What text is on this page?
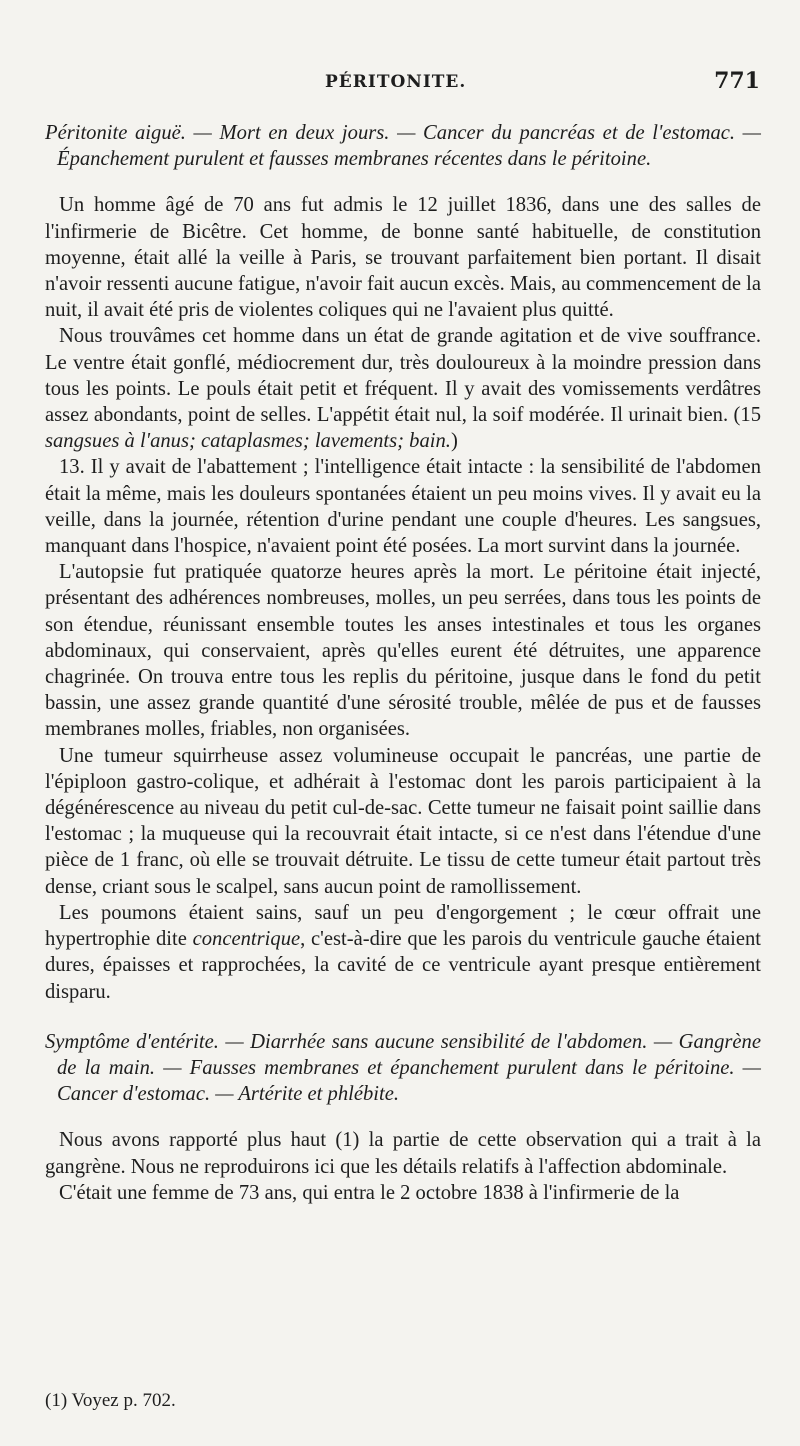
PÉRITONITE.	771

Péritonite aiguë. — Mort en deux jours. — Cancer du pancréas et de l'estomac. — Épanchement purulent et fausses membranes récentes dans le péritoine.

Un homme âgé de 70 ans fut admis le 12 juillet 1836, dans une des salles de l'infirmerie de Bicêtre. Cet homme, de bonne santé habituelle, de constitution moyenne, était allé la veille à Paris, se trouvant parfaitement bien portant. Il disait n'avoir ressenti aucune fatigue, n'avoir fait aucun excès. Mais, au commencement de la nuit, il avait été pris de violentes coliques qui ne l'avaient plus quitté.

Nous trouvâmes cet homme dans un état de grande agitation et de vive souffrance. Le ventre était gonflé, médiocrement dur, très douloureux à la moindre pression dans tous les points. Le pouls était petit et fréquent. Il y avait des vomissements verdâtres assez abondants, point de selles. L'appétit était nul, la soif modérée. Il urinait bien. (15 sangsues à l'anus; cataplasmes; lavements; bain.)

13. Il y avait de l'abattement ; l'intelligence était intacte : la sensibilité de l'abdomen était la même, mais les douleurs spontanées étaient un peu moins vives. Il y avait eu la veille, dans la journée, rétention d'urine pendant une couple d'heures. Les sangsues, manquant dans l'hospice, n'avaient point été posées. La mort survint dans la journée.

L'autopsie fut pratiquée quatorze heures après la mort. Le péritoine était injecté, présentant des adhérences nombreuses, molles, un peu serrées, dans tous les points de son étendue, réunissant ensemble toutes les anses intestinales et tous les organes abdominaux, qui conservaient, après qu'elles eurent été détruites, une apparence chagrinée. On trouva entre tous les replis du péritoine, jusque dans le fond du petit bassin, une assez grande quantité d'une sérosité trouble, mêlée de pus et de fausses membranes molles, friables, non organisées.

Une tumeur squirrheuse assez volumineuse occupait le pancréas, une partie de l'épiploon gastro-colique, et adhérait à l'estomac dont les parois participaient à la dégénérescence au niveau du petit cul-de-sac. Cette tumeur ne faisait point saillie dans l'estomac ; la muqueuse qui la recouvrait était intacte, si ce n'est dans l'étendue d'une pièce de 1 franc, où elle se trouvait détruite. Le tissu de cette tumeur était partout très dense, criant sous le scalpel, sans aucun point de ramollissement.

Les poumons étaient sains, sauf un peu d'engorgement ; le cœur offrait une hypertrophie dite concentrique, c'est-à-dire que les parois du ventricule gauche étaient dures, épaisses et rapprochées, la cavité de ce ventricule ayant presque entièrement disparu.

Symptôme d'entérite. — Diarrhée sans aucune sensibilité de l'abdomen. — Gangrène de la main. — Fausses membranes et épanchement purulent dans le péritoine. — Cancer d'estomac. — Artérite et phlébite.

Nous avons rapporté plus haut (1) la partie de cette observation qui a trait à la gangrène. Nous ne reproduirons ici que les détails relatifs à l'affection abdominale.

C'était une femme de 73 ans, qui entra le 2 octobre 1838 à l'infirmerie de la

(1) Voyez p. 702.
